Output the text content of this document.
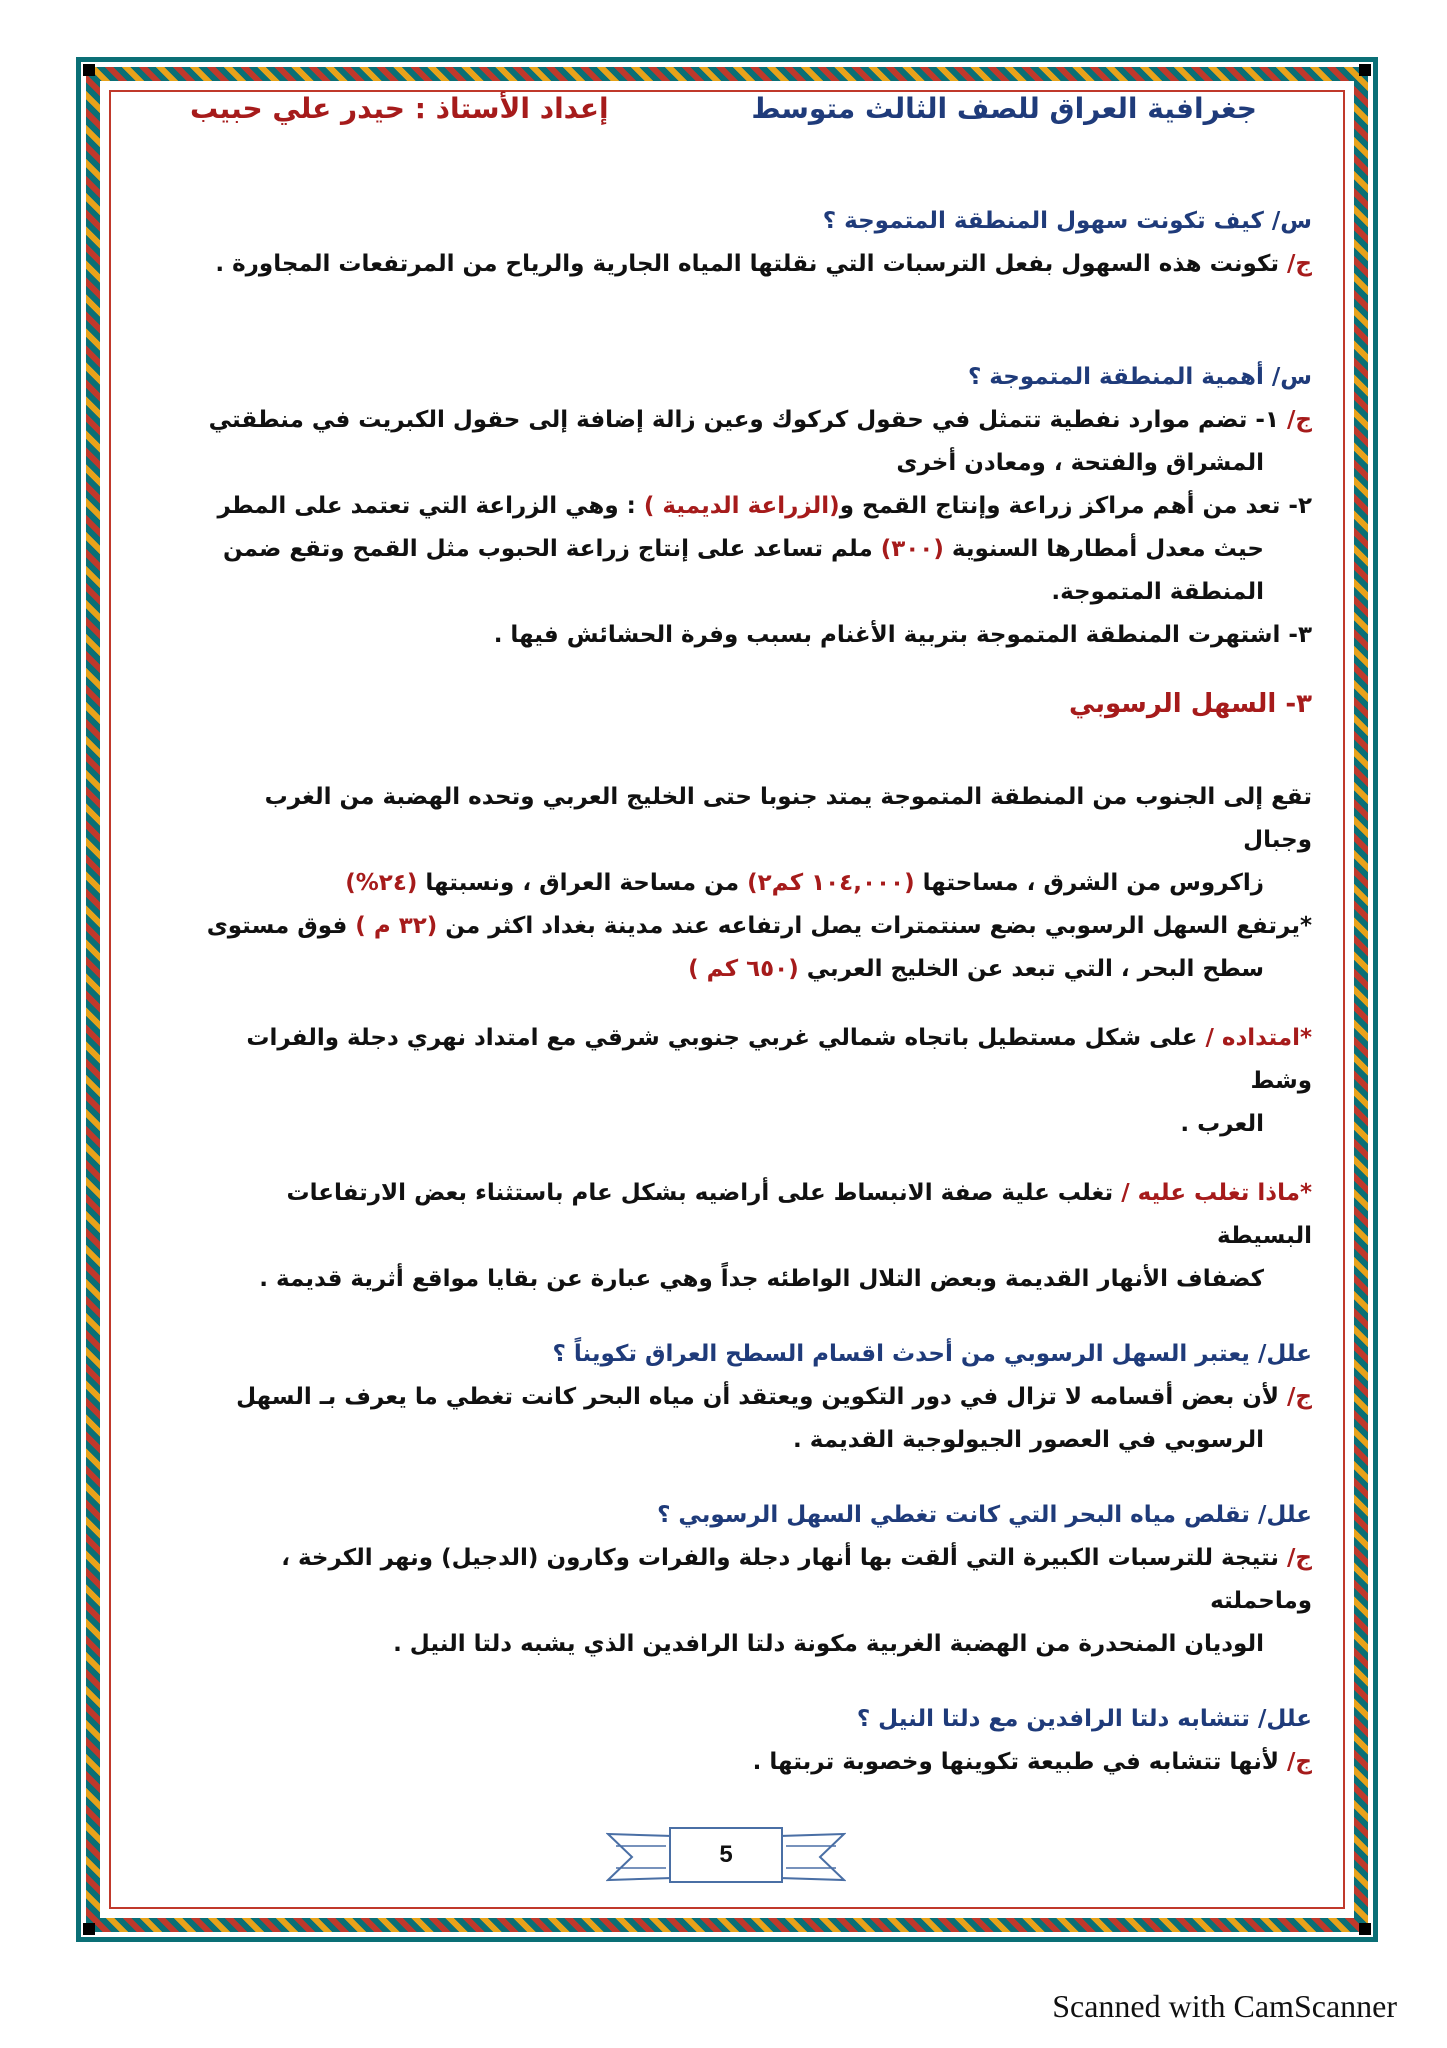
جغرافية العراق للصف الثالث متوسط
إعداد الأستاذ : حيدر علي حبيب

س/ كيف تكونت سهول المنطقة المتموجة ؟

ج/ تكونت هذه السهول بفعل الترسبات التي نقلتها المياه الجارية والرياح من المرتفعات المجاورة .

س/ أهمية المنطقة المتموجة ؟

ج/ ١- تضم موارد نفطية تتمثل في حقول كركوك وعين زالة إضافة إلى حقول الكبريت في منطقتي

المشراق والفتحة ، ومعادن أخرى

٢- تعد من أهم مراكز زراعة وإنتاج القمح و(الزراعة الديمية ) : وهي الزراعة التي تعتمد على المطر

حيث معدل أمطارها السنوية (٣٠٠) ملم تساعد على إنتاج زراعة الحبوب مثل القمح وتقع ضمن

المنطقة المتموجة.

٣- اشتهرت المنطقة المتموجة بتربية الأغنام بسبب وفرة الحشائش فيها .

٣- السهل الرسوبي

تقع إلى الجنوب من المنطقة المتموجة يمتد جنوبا حتى الخليج العربي وتحده الهضبة من الغرب وجبال

زاكروس من الشرق ، مساحتها (١٠٤,٠٠٠ كم٢) من مساحة العراق ، ونسبتها (٢٤%)

*يرتفع السهل الرسوبي بضع سنتمترات يصل ارتفاعه عند مدينة بغداد اكثر من (٣٢ م ) فوق مستوى

سطح البحر ، التي تبعد عن الخليج العربي (٦٥٠ كم )

*امتداده / على شكل مستطيل باتجاه شمالي غربي جنوبي شرقي مع امتداد نهري دجلة والفرات وشط

العرب .

*ماذا تغلب عليه / تغلب علية صفة الانبساط على أراضيه بشكل عام باستثناء بعض الارتفاعات البسيطة

كضفاف الأنهار القديمة وبعض التلال الواطئه جداً وهي عبارة عن بقايا مواقع أثرية قديمة .

علل/ يعتبر السهل الرسوبي من أحدث اقسام السطح العراق تكويناً ؟

ج/ لأن بعض أقسامه لا تزال في دور التكوين ويعتقد أن مياه البحر كانت تغطي ما يعرف بـ السهل

الرسوبي في العصور الجيولوجية القديمة .

علل/ تقلص مياه البحر التي كانت تغطي السهل الرسوبي ؟

ج/ نتيجة للترسبات الكبيرة التي ألقت بها أنهار دجلة والفرات وكارون (الدجيل) ونهر الكرخة ، وماحملته

الوديان المنحدرة من الهضبة الغربية مكونة دلتا الرافدين الذي يشبه دلتا النيل .

علل/ تتشابه دلتا الرافدين مع دلتا النيل ؟

ج/ لأنها تتشابه في طبيعة تكوينها وخصوبة تربتها .

5
Scanned with CamScanner
